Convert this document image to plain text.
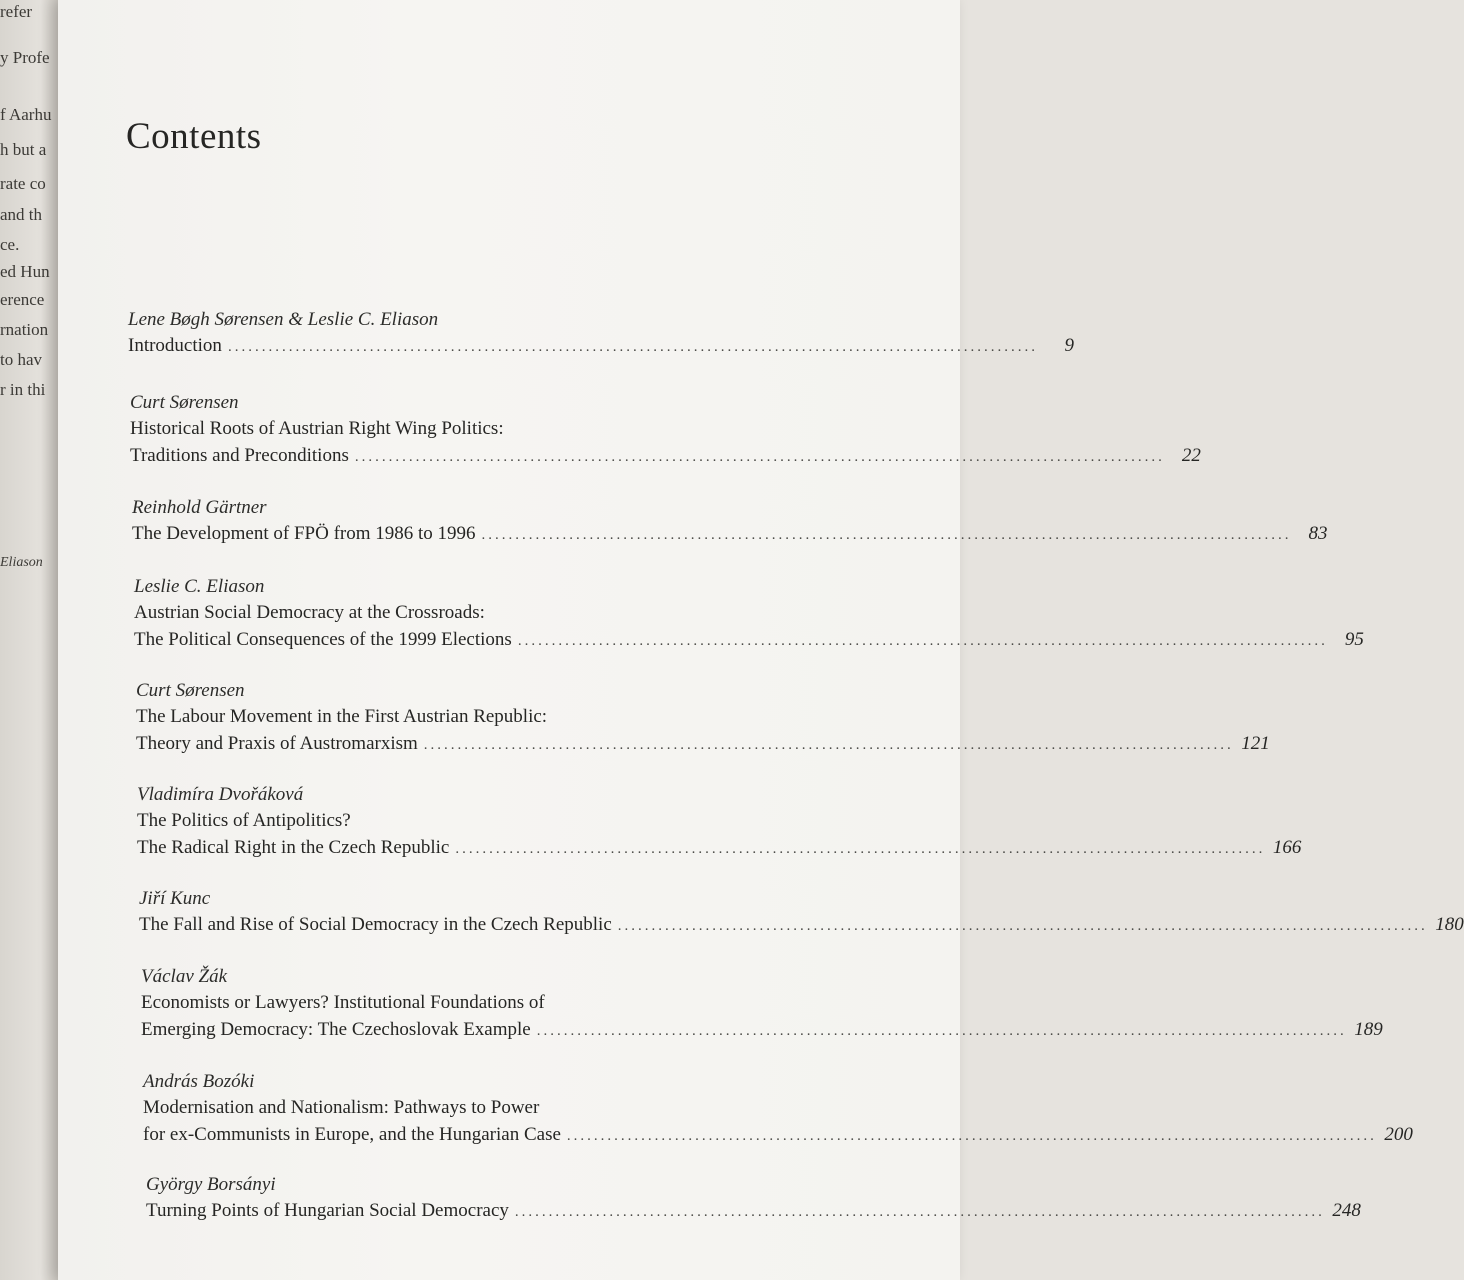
refer
y Profe
f Aarhu
h but a
rate co
and th
ce.
ed Hun
erence
rnation
to hav
r in thi
Eliason
Contents
Lene Bøgh Sørensen & Leslie C. Eliason
Introduction ........................................................................................................................	9
Curt Sørensen
Historical Roots of Austrian Right Wing Politics:
Traditions and Preconditions ........................................................................................................................ 22
Reinhold Gärtner
The Development of FPÖ from 1986 to 1996 ........................................................................................................................ 83
Leslie C. Eliason
Austrian Social Democracy at the Crossroads:
The Political Consequences of the 1999 Elections ........................................................................................................................ 95
Curt Sørensen
The Labour Movement in the First Austrian Republic:
Theory and Praxis of Austromarxism ........................................................................................................................ 121
Vladimíra Dvořáková
The Politics of Antipolitics?
The Radical Right in the Czech Republic ........................................................................................................................ 166
Jiří Kunc
The Fall and Rise of Social Democracy in the Czech Republic ........................................................................................................................ 180
Václav Žák
Economists or Lawyers? Institutional Foundations of
Emerging Democracy: The Czechoslovak Example ........................................................................................................................ 189
András Bozóki
Modernisation and Nationalism: Pathways to Power
for ex-Communists in Europe, and the Hungarian Case ........................................................................................................................ 200
György Borsányi
Turning Points of Hungarian Social Democracy ........................................................................................................................ 248
